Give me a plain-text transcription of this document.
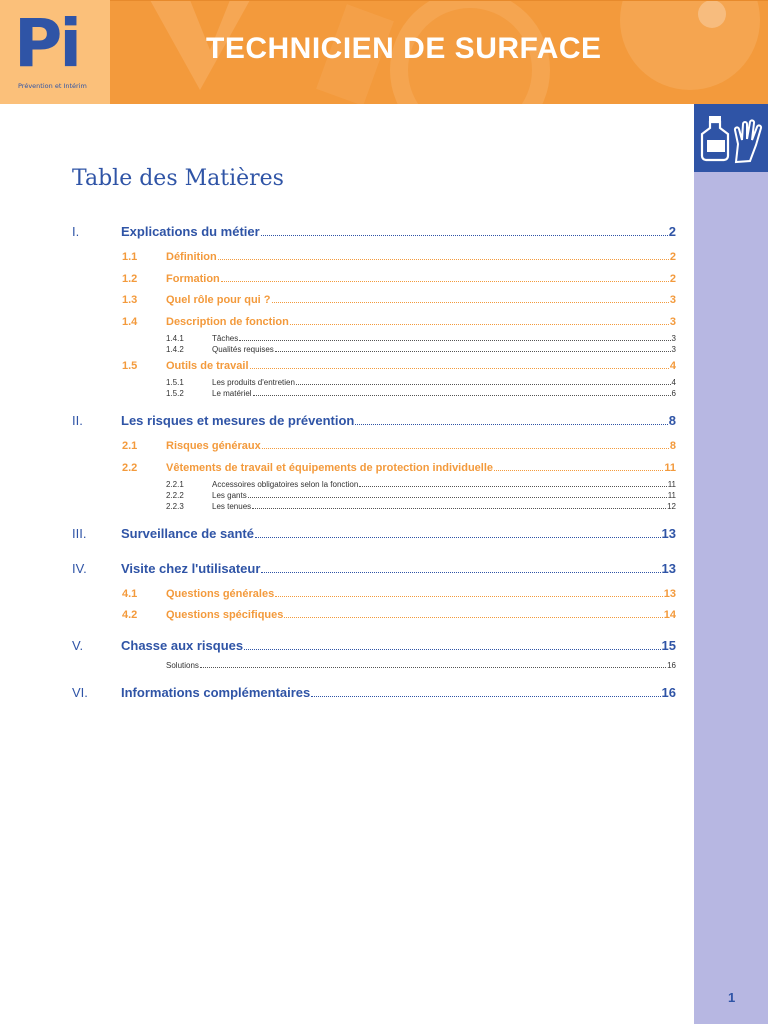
Pi
Prévention et Intérim
TECHNICIEN DE SURFACE
1
Table des Matières
I.	Explications du métier	2
1.1	Définition	2
1.2	Formation	2
1.3	Quel rôle pour qui ?	3
1.4	Description de fonction	3
1.4.1	Tâches	3
1.4.2	Qualités requises	3
1.5	Outils de travail	4
1.5.1	Les produits d'entretien	4
1.5.2	Le matériel	6
II.	Les risques et mesures de prévention	8
2.1	Risques généraux	8
2.2	Vêtements de travail et équipements de protection individuelle	11
2.2.1	Accessoires obligatoires selon la fonction	11
2.2.2	Les gants	11
2.2.3	Les tenues	12
III.	Surveillance de santé	13
IV.	Visite chez l'utilisateur	13
4.1	Questions générales	13
4.2	Questions spécifiques	14
V.	Chasse aux risques	15
Solutions	16
VI.	Informations complémentaires	16
